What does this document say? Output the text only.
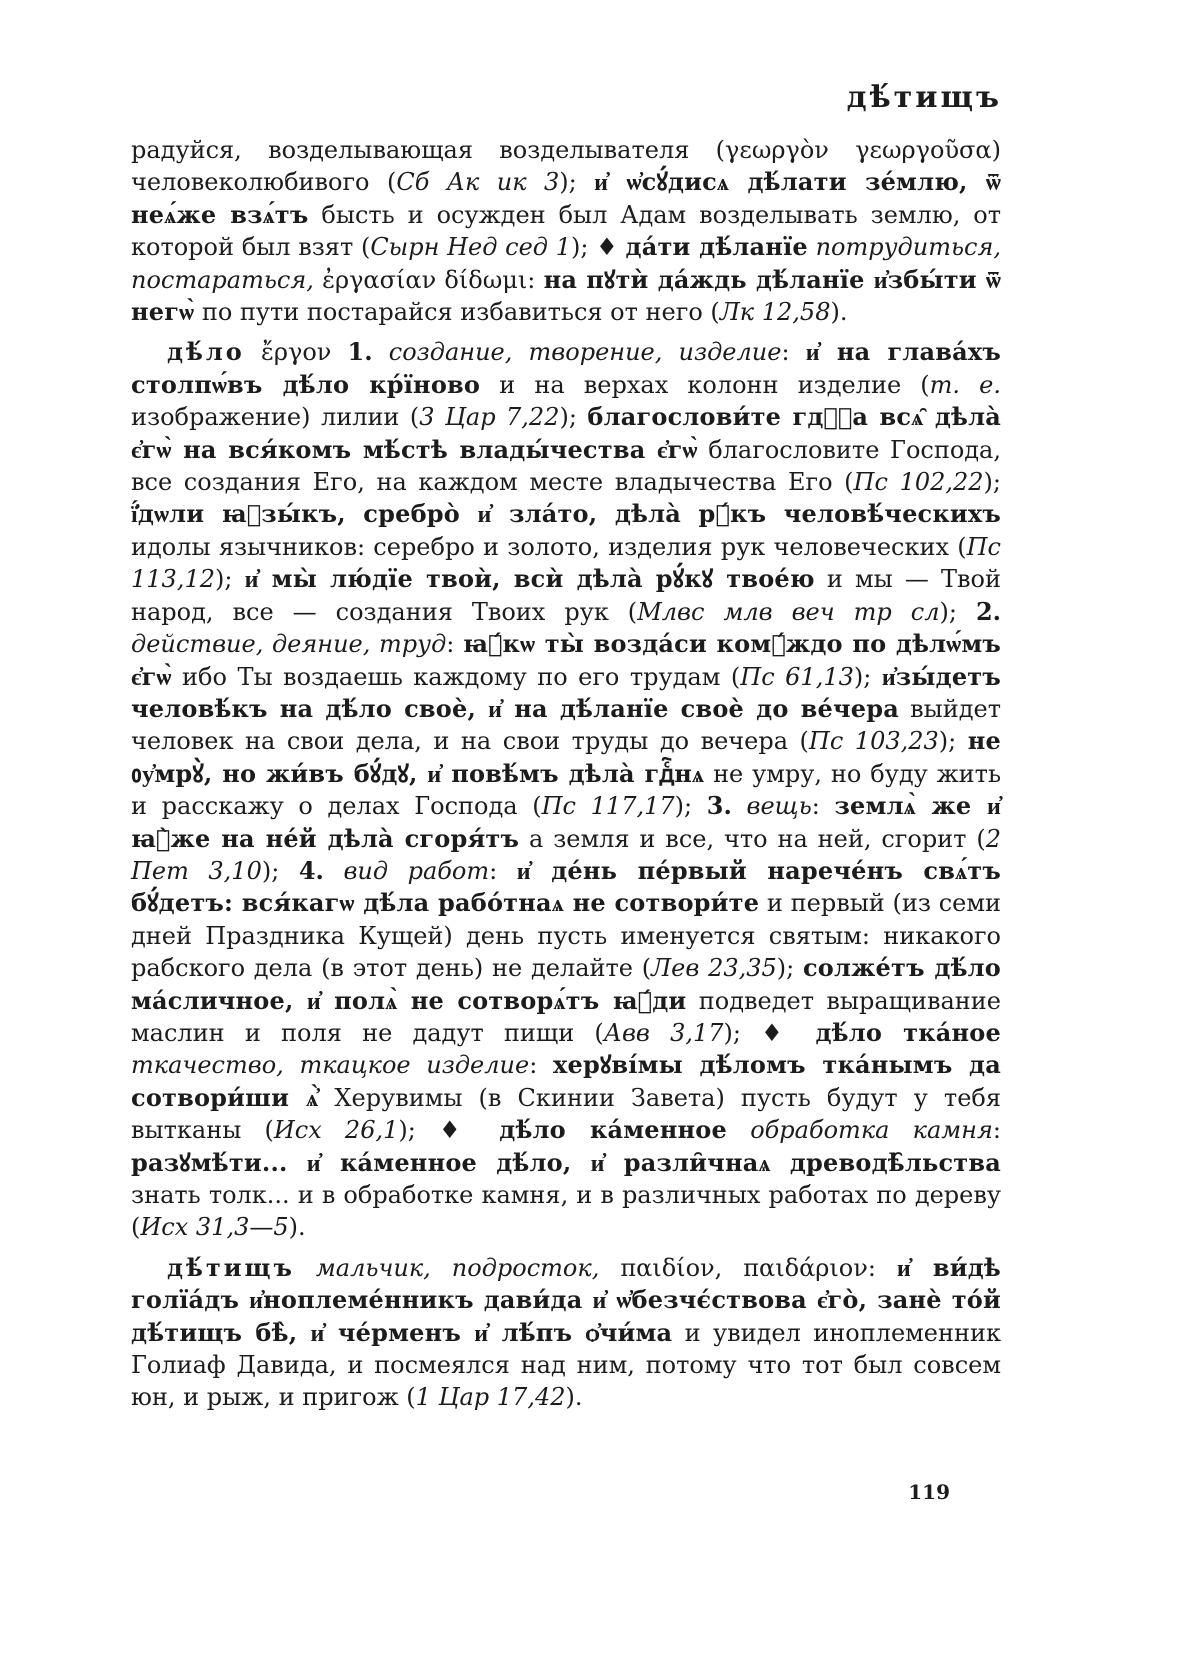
дѣ́тищъ

радуйся, возделывающая возделывателя (γεωργὸν γεωργοῦσα) человеколюбивого (Сб Ак ик 3); и҆ ѡ҆сꙋ́дисѧ дѣ́лати зе́млю, ѿ неѧ́же взѧ́тъ бысть и осужден был Адам возделывать землю, от которой был взят (Сырн Нед сед 1); ♦ да́ти дѣ́ланїе потрудиться, постараться, ἐργασίαν δίδωμι: на пꙋтѝ да́ждь дѣ́ланїе и҆збы́ти ѿ негѡ̀ по пути постарайся избавиться от него (Лк 12,58).

дѣ́ло ἔργον 1. создание, творение, изделие: и҆ на глава́хъ столпѡ́въ дѣ́ло кр́їново и на верхах колонн изделие (т. е. изображение) лилии (3 Цар 7,22); благослови́те гдⷭ҇а всѧ̑ дѣла̀ є҆гѡ̀ на вся́комъ мѣ́стѣ влады́чества є҆гѡ̀ благословите Господа, все создания Его, на каждом месте владычества Его (Пс 102,22); ї҆́дѡли ꙗ҆зы́къ, сребро̀ и҆ зла́то, дѣла̀ рꙋ́къ человѣ́ческихъ идолы язычников: серебро и золото, изделия рук человеческих (Пс 113,12); и҆ мы̀ лю́дїе твоѝ, всѝ дѣла̀ рꙋ́кꙋ твое́ю и мы — Твой народ, все — создания Твоих рук (Млвс млв веч тр сл); 2. действие, деяние, труд: ꙗ҆́кѡ ты̀ возда́си комꙋ́ждо по дѣлѡ́мъ є҆гѡ̀ ибо Ты воздаешь каждому по его трудам (Пс 61,13); и҆зы́детъ человѣ́къ на дѣ́ло своѐ, и҆ на дѣ́ланїе своѐ до ве́чера выйдет человек на свои дела, и на свои труды до вечера (Пс 103,23); не ᲂу҆мрꙋ̀, но жи́въ бꙋ́дꙋ, и҆ повѣ́мъ дѣла̀ гдⷭ҇нѧ не умру, но буду жить и расскажу о делах Господа (Пс 117,17); 3. вещь: землѧ̀ же и҆ ꙗ҆̀же на не́й дѣла̀ сгоря́тъ а земля и все, что на ней, сгорит (2 Пет 3,10); 4. вид работ: и҆ де́нь пе́рвый нарече́нъ свѧ́тъ бꙋ́детъ: вся́кагѡ дѣ́ла рабо́тнаѧ не сотвори́те и первый (из семи дней Праздника Кущей) день пусть именуется святым: никакого рабского дела (в этот день) не делайте (Лев 23,35); солже́тъ дѣ́ло ма́сличное, и҆ полѧ̀ не сотворѧ́тъ ꙗ҆́ди подведет выращивание маслин и поля не дадут пищи (Авв 3,17); ♦ дѣ́ло тка́ное ткачество, ткацкое изделие: херꙋві́мы дѣ́ломъ тка́нымъ да сотвори́ши ѧ҆̀ Херувимы (в Скинии Завета) пусть будут у тебя вытканы (Исх 26,1); ♦ дѣ́ло ка́менное обработка камня: разꙋмѣ́ти... и҆ ка́менное дѣ́ло, и҆ разли̑чнаѧ древодѣ̑льства знать толк... и в обработке камня, и в различных работах по дереву (Исх 31,3—5).

дѣ́тищъ мальчик, подросток, παιδίον, παιδάριον: и҆ ви́дѣ голїа́дъ и҆ноплеме́нникъ дави́да и҆ ѡ҆безчє́ствова є҆го̀, занѐ то́й дѣ́тищъ бѣ̀, и҆ че́рменъ и҆ лѣ́пъ ѻ҆чи́ма и увидел иноплеменник Голиаф Давида, и посмеялся над ним, потому что тот был совсем юн, и рыж, и пригож (1 Цар 17,42).

119
